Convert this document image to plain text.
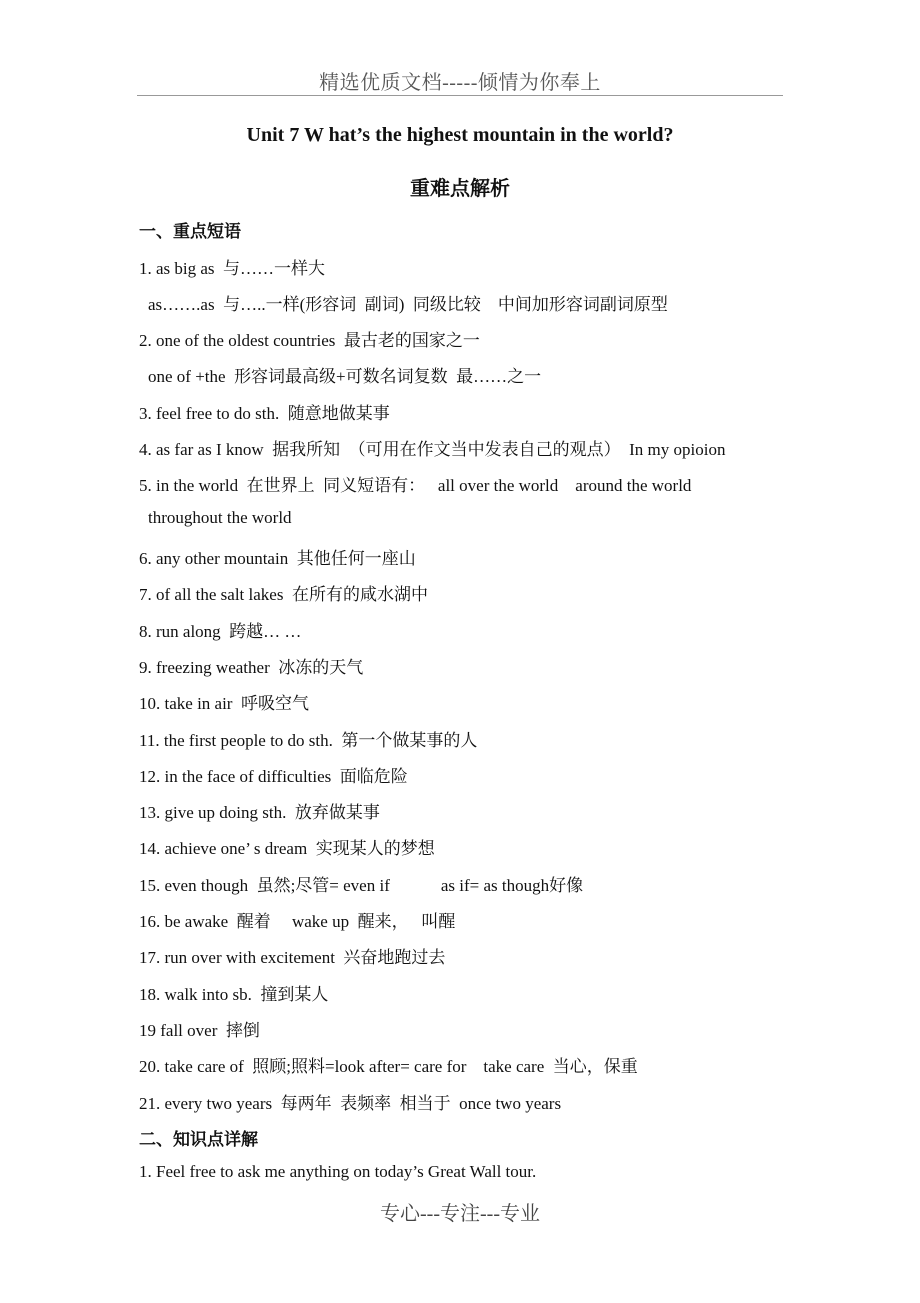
精选优质文档-----倾情为你奉上
Unit 7 W hat’s the highest mountain in the world?
重难点解析
一、重点短语
1. as big as  与……一样大
as…….as  与…..一样(形容词  副词)  同级比较    中间加形容词副词原型
2. one of the oldest countries  最古老的国家之一
one of +the  形容词最高级+可数名词复数  最……之一
3. feel free to do sth.  随意地做某事
4. as far as I know  据我所知  （可用在作文当中发表自己的观点）  In my opioion
5. in the world  在世界上  同义短语有：   all over the world    around the world
throughout the world
6. any other mountain  其他任何一座山
7. of all the salt lakes  在所有的咸水湖中
8. run along  跨越… …
9. freezing weather  冰冻的天气
10. take in air  呼吸空气
11. the first people to do sth.  第一个做某事的人
12. in the face of difficulties  面临危险
13. give up doing sth.  放弃做某事
14. achieve one’ s dream  实现某人的梦想
15. even though  虽然;尽管= even if            as if= as though好像
16. be awake  醒着     wake up  醒来，   叫醒
17. run over with excitement  兴奋地跑过去
18. walk into sb.  撞到某人
19 fall over  摔倒
20. take care of  照顾;照料=look after= care for    take care  当心，保重
21. every two years  每两年  表频率  相当于  once two years
二、知识点详解
1. Feel free to ask me anything on today’s Great Wall tour.
专心---专注---专业
